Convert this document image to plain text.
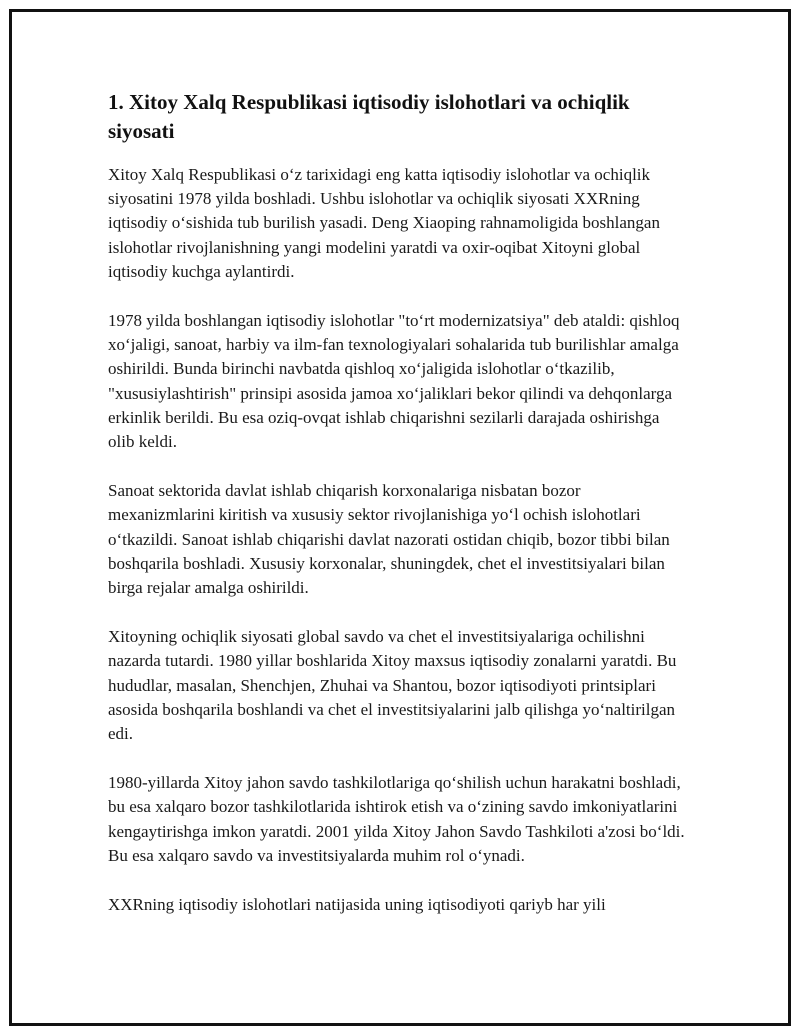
1. Xitoy Xalq Respublikasi iqtisodiy islohotlari va ochiqlik siyosati

Xitoy Xalq Respublikasi o‘z tarixidagi eng katta iqtisodiy islohotlar va ochiqlik siyosatini 1978 yilda boshladi. Ushbu islohotlar va ochiqlik siyosati XXRning iqtisodiy o‘sishida tub burilish yasadi. Deng Xiaoping rahnamoligida boshlangan islohotlar rivojlanishning yangi modelini yaratdi va oxir-oqibat Xitoyni global iqtisodiy kuchga aylantirdi.

1978 yilda boshlangan iqtisodiy islohotlar "to‘rt modernizatsiya" deb ataldi: qishloq xo‘jaligi, sanoat, harbiy va ilm-fan texnologiyalari sohalarida tub burilishlar amalga oshirildi. Bunda birinchi navbatda qishloq xo‘jaligida islohotlar o‘tkazilib, "xususiylashtirish" prinsipi asosida jamoa xo‘jaliklari bekor qilindi va dehqonlarga erkinlik berildi. Bu esa oziq-ovqat ishlab chiqarishni sezilarli darajada oshirishga olib keldi.

Sanoat sektorida davlat ishlab chiqarish korxonalariga nisbatan bozor mexanizmlarini kiritish va xususiy sektor rivojlanishiga yo‘l ochish islohotlari o‘tkazildi. Sanoat ishlab chiqarishi davlat nazorati ostidan chiqib, bozor tibbi bilan boshqarila boshladi. Xususiy korxonalar, shuningdek, chet el investitsiyalari bilan birga rejalar amalga oshirildi.

Xitoyning ochiqlik siyosati global savdo va chet el investitsiyalariga ochilishni nazarda tutardi. 1980 yillar boshlarida Xitoy maxsus iqtisodiy zonalarni yaratdi. Bu hududlar, masalan, Shenchjen, Zhuhai va Shantou, bozor iqtisodiyoti printsiplari asosida boshqarila boshlandi va chet el investitsiyalarini jalb qilishga yo‘naltirilgan edi.

1980-yillarda Xitoy jahon savdo tashkilotlariga qo‘shilish uchun harakatni boshladi, bu esa xalqaro bozor tashkilotlarida ishtirok etish va o‘zining savdo imkoniyatlarini kengaytirishga imkon yaratdi. 2001 yilda Xitoy Jahon Savdo Tashkiloti a'zosi bo‘ldi. Bu esa xalqaro savdo va investitsiyalarda muhim rol o‘ynadi.

XXRning iqtisodiy islohotlari natijasida uning iqtisodiyoti qariyb har yili
